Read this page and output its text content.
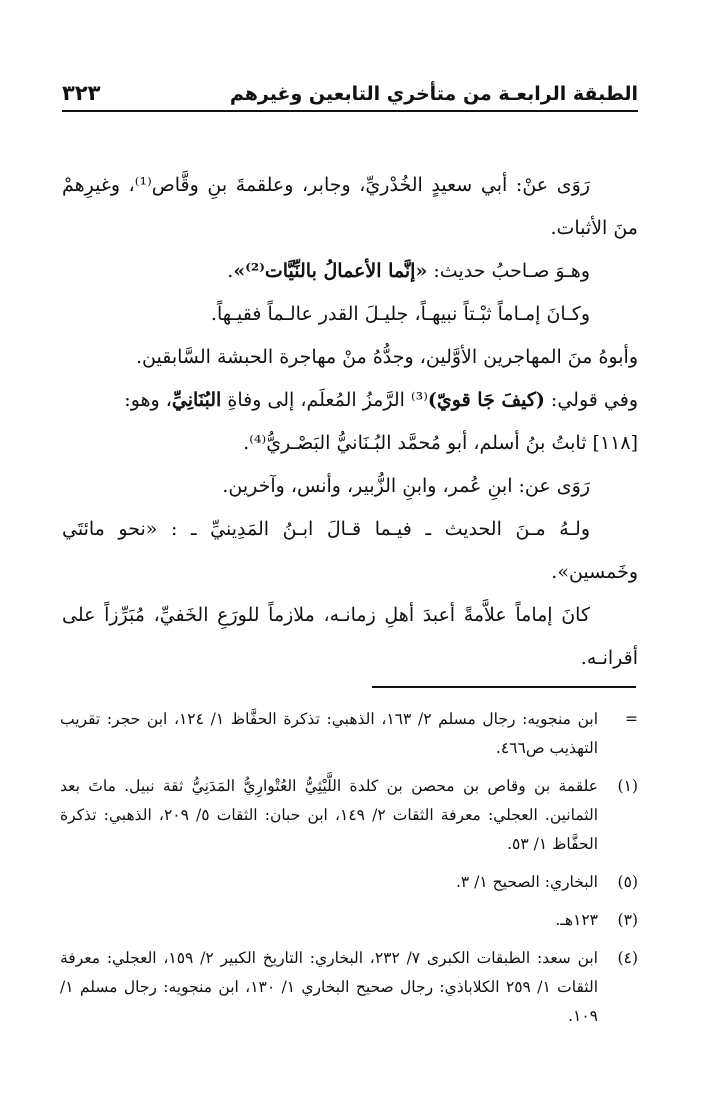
الطبقة الرابعـة من متأخري التابعين وغيرهم
٣٢٣

رَوَى عنْ: أبي سعيدٍ الخُدْريِّ، وجابر، وعلقمةَ بنِ وقَّاص⁽¹⁾، وغيرِهمْ منَ الأثبات.

وهـوَ صـاحبُ حديث: «إنَّما الأعمالُ بالنِّيَّات⁽²⁾».

وكـانَ إمـاماً ثبْـتاً نبيهـاً، جليـلَ القدر عالـماً فقيـهاً.

وأبوهُ منَ المهاجرين الأوَّلين، وجدُّهُ منْ مهاجرة الحبشة السَّابقين.

وفي قولي: (كيفَ جَا قويّ)⁽³⁾ الرَّمزُ المُعلَم، إلى وفاةِ البُنَانِيِّ، وهو:

[١١٨] ثابتُ بنُ أسلم، أبو مُحمَّد البُـنَانيُّ البَصْـريُّ⁽⁴⁾.

رَوَى عن: ابنِ عُمر، وابنِ الزُّبير، وأنس، وآخرين.

ولـهُ مـنَ الحديث ـ فيـما قـالَ ابـنُ المَدِينيِّ ـ : «نحو مائتَي وخَمسين».

كانَ إماماً علاَّمةً أعبدَ أهلِ زمانـه، ملازماً للورَعِ الخَفيِّ، مُبَرِّزاً على أقرانـه.

=
ابن منجويه: رجال مسلم ٢/ ١٦٣، الذهبي: تذكرة الحفَّاظ ١/ ١٢٤، ابن حجر: تقريب التهذيب ص٤٦٦.
(١)
علقمة بن وقاص بن محصن بن كلدة اللَّيْثِيُّ العُتْوارِيُّ المَدَنِيُّ ثقة نبيل. ماتَ بعد الثمانين. العجلي: معرفة الثقات ٢/ ١٤٩، ابن حبان: الثقات ٥/ ٢٠٩، الذهبي: تذكرة الحفَّاظ ١/ ٥٣.
(٥)
البخاري: الصحيح ١/ ٣.
(٣)
١٢٣هـ.
(٤)
ابن سعد: الطبقات الكبرى ٧/ ٢٣٢، البخاري: التاريخ الكبير ٢/ ١٥٩، العجلي: معرفة الثقات ١/ ٢٥٩ الكلاباذي: رجال صحيح البخاري ١/ ١٣٠، ابن منجويه: رجال مسلم ١/ ١٠٩.
